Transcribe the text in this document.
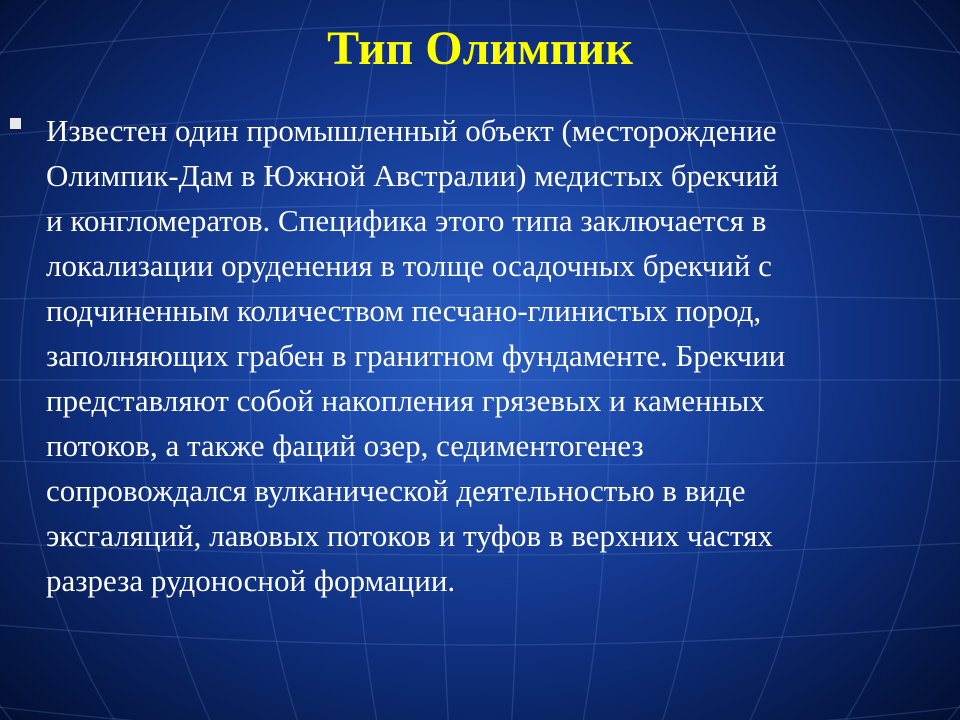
Тип Олимпик

Известен один промышленный объект (месторождение
Олимпик-Дам в Южной Австралии) медистых брекчий
и конгломератов. Специфика этого типа заключается в
локализации оруденения в толще осадочных брекчий с
подчиненным количеством песчано-глинистых пород,
заполняющих грабен в гранитном фундаменте. Брекчии
представляют собой накопления грязевых и каменных
потоков, а также фаций озер, седиментогенез
сопровождался вулканической деятельностью в виде
эксгаляций, лавовых потоков и туфов в верхних частях
разреза рудоносной формации.
